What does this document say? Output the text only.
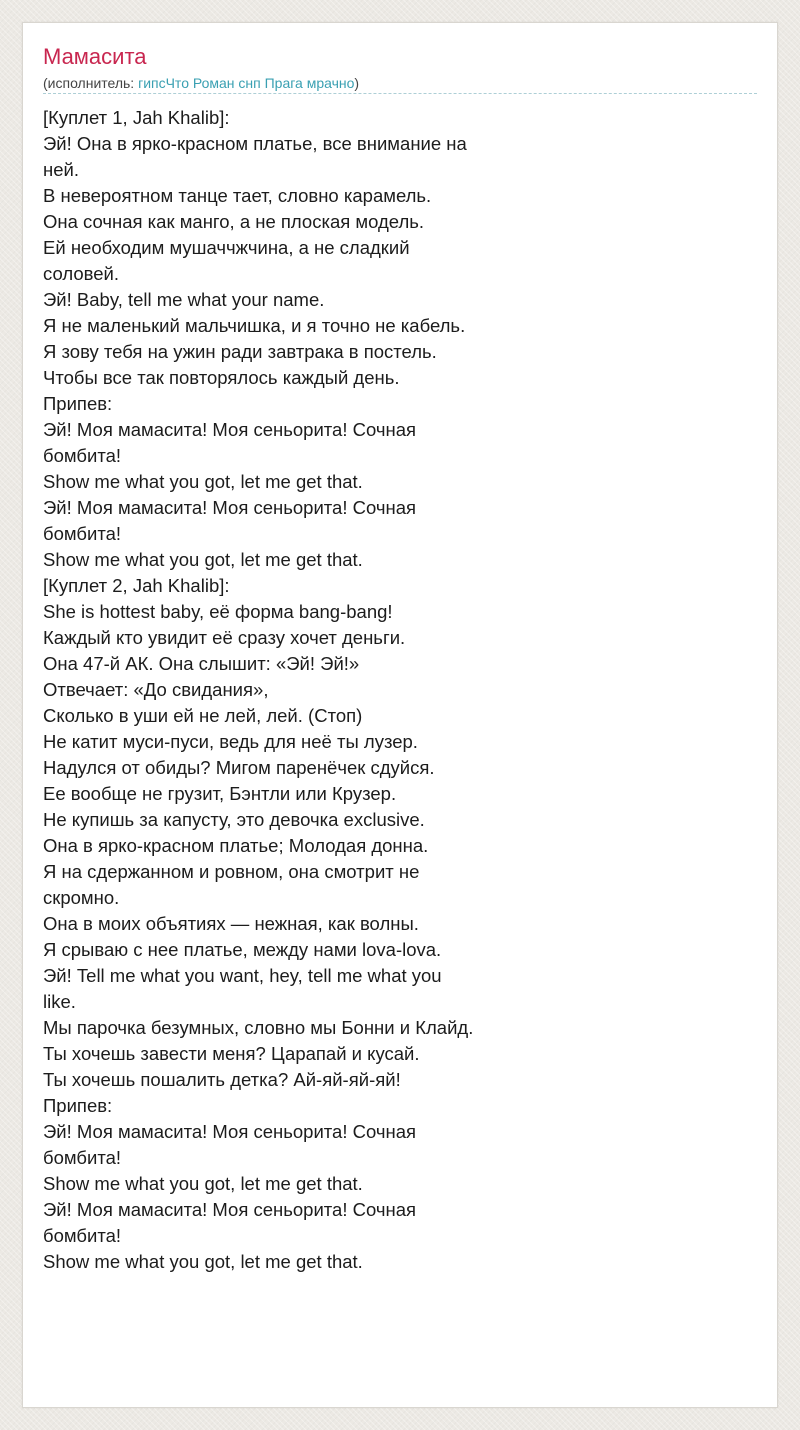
Мамасита
(исполнитель: гипсЧто Роман снп Прага мрачно)
[Куплет 1, Jah Khalib]:
Эй! Она в ярко-красном платье, все внимание на ней.
В невероятном танце тает, словно карамель.
Она сочная как манго, а не плоская модель.
Ей необходим мушаччжчина, а не сладкий соловей.
Эй! Baby, tell me what your name.
Я не маленький мальчишка, и я точно не кабель.
Я зову тебя на ужин ради завтрака в постель.
Чтобы все так повторялось каждый день.
Припев:
Эй! Моя мамасита! Моя сеньорита! Сочная бомбита!
Show me what you got, let me get that.
Эй! Моя мамасита! Моя сеньорита! Сочная бомбита!
Show me what you got, let me get that.
[Куплет 2, Jah Khalib]:
She is hottest baby, её форма bang-bang!
Каждый кто увидит её сразу хочет деньги.
Она 47-й АК. Она слышит: «Эй! Эй!»
Отвечает: «До свидания»,
Сколько в уши ей не лей, лей. (Стоп)
Не катит муси-пуси, ведь для неё ты лузер.
Надулся от обиды? Мигом паренёчек сдуйся.
Ее вообще не грузит, Бэнтли или Крузер.
Не купишь за капусту, это девочка exclusive.
Она в ярко-красном платье; Молодая донна.
Я на сдержанном и ровном, она смотрит не скромно.
Она в моих объятиях — нежная, как волны.
Я срываю с нее платье, между нами lova-lova.
Эй! Tell me what you want, hey, tell me what you like.
Мы парочка безумных, словно мы Бонни и Клайд.
Ты хочешь завести меня? Царапай и кусай.
Ты хочешь пошалить детка? Ай-яй-яй-яй!
Припев:
Эй! Моя мамасита! Моя сеньорита! Сочная бомбита!
Show me what you got, let me get that.
Эй! Моя мамасита! Моя сеньорита! Сочная бомбита!
Show me what you got, let me get that.
